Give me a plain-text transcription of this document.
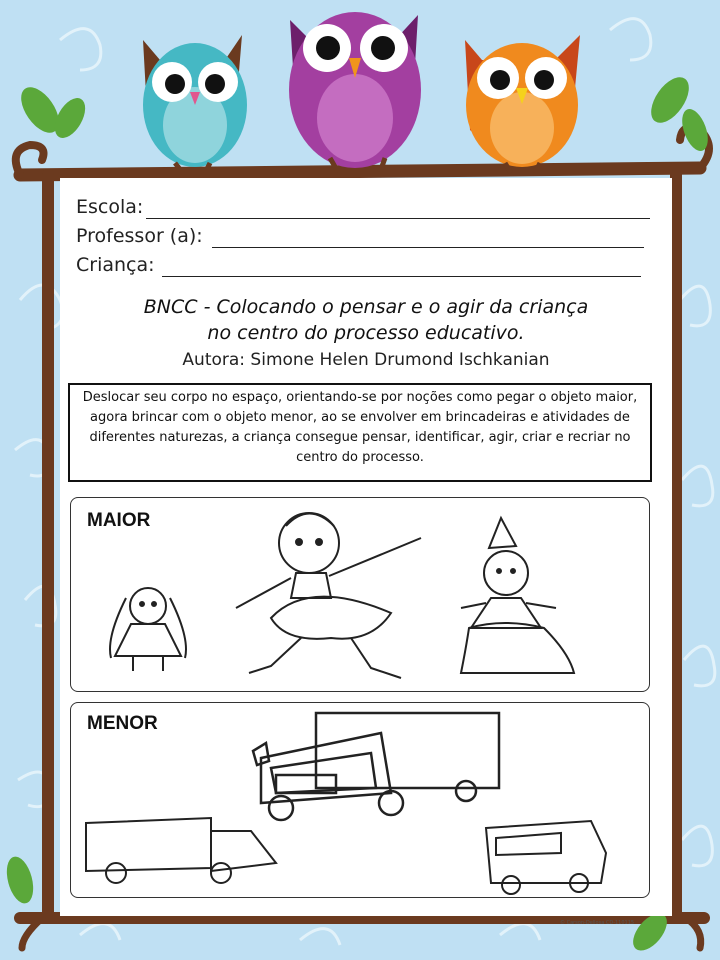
Escola:
Professor (a):
Criança:
BNCC - Colocando o pensar e o agir da criança
no centro do processo educativo.
Autora: Simone Helen Drumond Ischkanian
Deslocar seu corpo no espaço, orientando-se por noções como pegar o objeto maior, agora brincar com o objeto menor, ao se envolver em brincadeiras e atividades de diferentes naturezas, a criança consegue pensar, identificar, agir, criar e recriar no centro do processo.
MAIOR
MENOR
© Carson-Dellosa CD-110115
